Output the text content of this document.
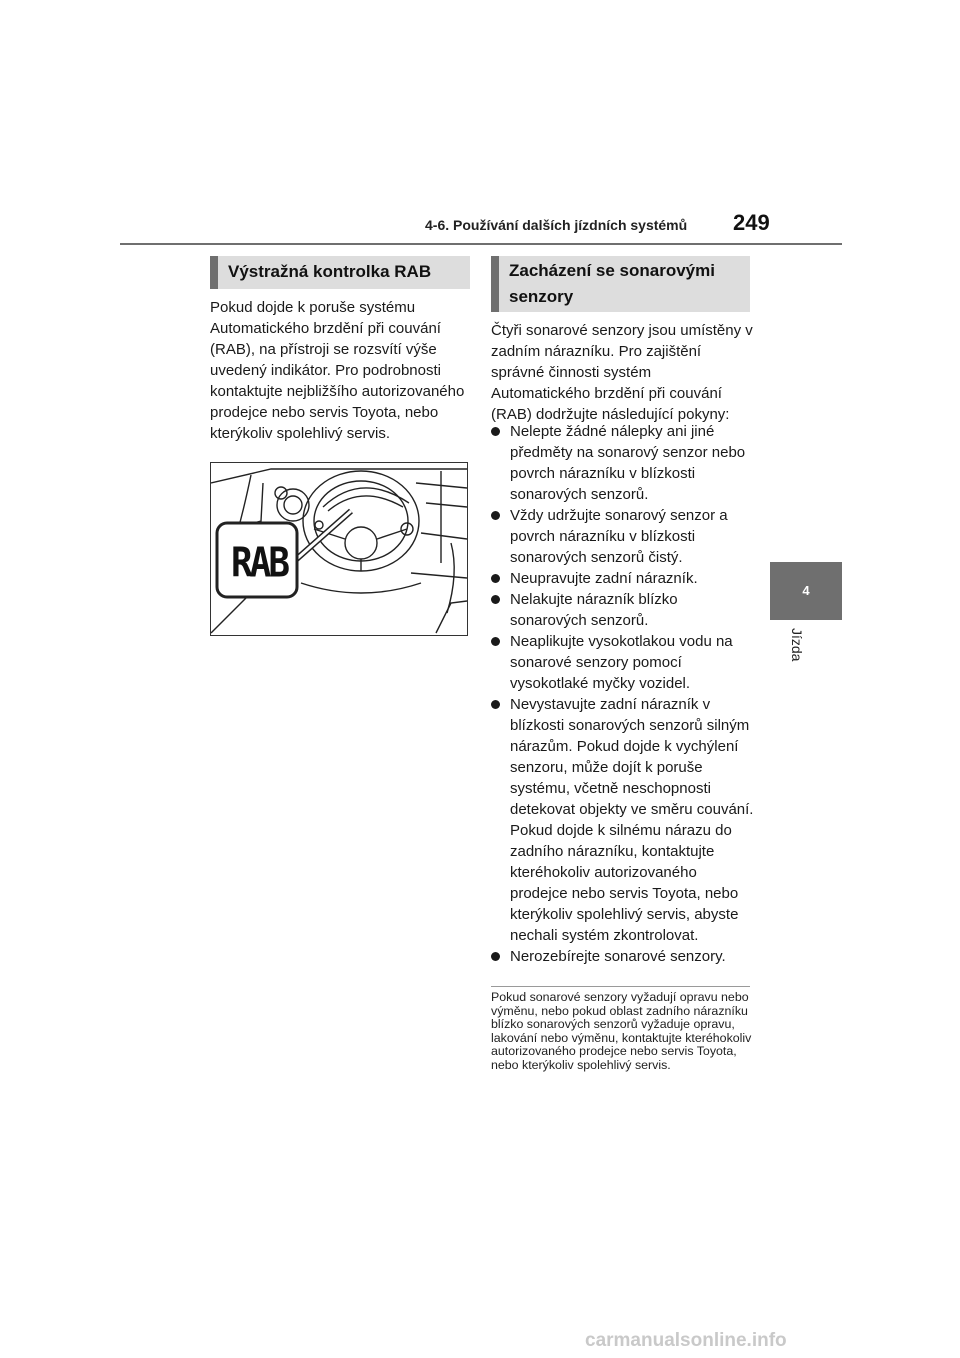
4-6. Používání dalších jízdních systémů 249
4
Jízda
Výstražná kontrolka RAB

Pokud dojde k poruše systému Automatického brzdění při couvání (RAB), na přístroji se rozsvítí výše uvedený indikátor. Pro podrobnosti kontaktujte nejbližšího autorizovaného prodejce nebo servis Toyota, nebo kterýkoliv spolehlivý servis.

RAB
Zacházení se sonarovými senzory

Čtyři sonarové senzory jsou umístěny v zadním nárazníku. Pro zajištění správné činnosti systém Automatického brzdění při couvání (RAB) dodržujte následující pokyny:

Nelepte žádné nálepky ani jiné předměty na sonarový senzor nebo povrch nárazníku v blízkosti sonarových senzorů.
Vždy udržujte sonarový senzor a povrch nárazníku v blízkosti sonarových senzorů čistý.
Neupravujte zadní nárazník.
Nelakujte nárazník blízko sonarových senzorů.
Neaplikujte vysokotlakou vodu na sonarové senzory pomocí vysokotlaké myčky vozidel.
Nevystavujte zadní nárazník v blízkosti sonarových senzorů silným nárazům. Pokud dojde k vychýlení senzoru, může dojít k poruše systému, včetně neschopnosti detekovat objekty ve směru couvání. Pokud dojde k silnému nárazu do zadního nárazníku, kontaktujte kteréhokoliv autorizovaného prodejce nebo servis Toyota, nebo kterýkoliv spolehlivý servis, abyste nechali systém zkontrolovat.
Nerozebírejte sonarové senzory.

Pokud sonarové senzory vyžadují opravu nebo výměnu, nebo pokud oblast zadního nárazníku blízko sonarových senzorů vyžaduje opravu, lakování nebo výměnu, kontaktujte kteréhokoliv autorizovaného prodejce nebo servis Toyota, nebo kterýkoliv spolehlivý servis.

carmanualsonline.info
